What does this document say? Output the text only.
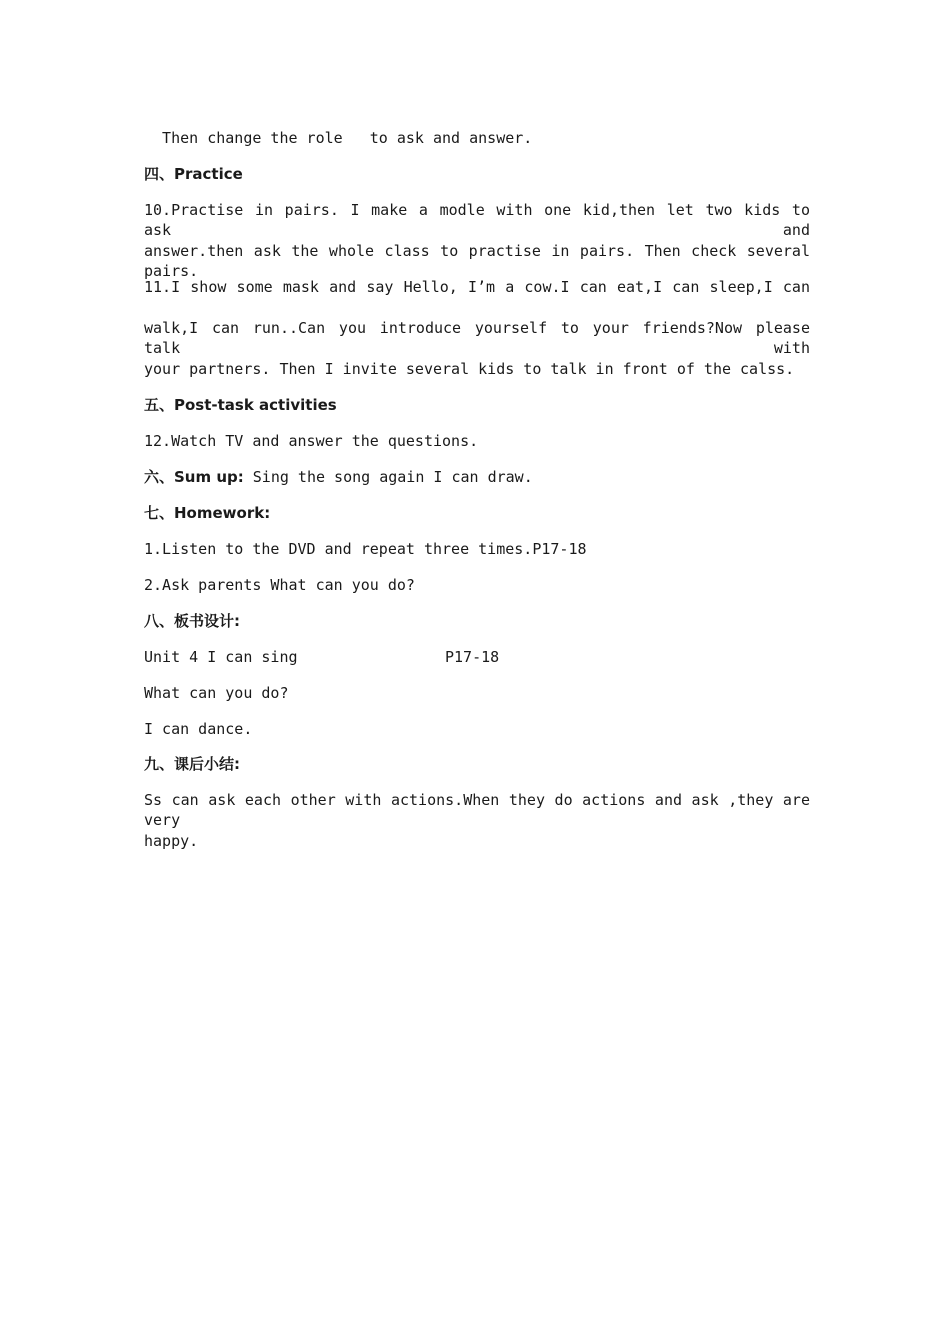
Then change the role   to ask and answer.
四、Practice
10.Practise in pairs. I make a modle with one kid,then let two kids to ask and
answer.then ask the whole class to practise in pairs. Then check several pairs.
11.I show some mask and say Hello, I’m a cow.I can eat,I can sleep,I can
walk,I can run..Can you introduce yourself to your friends?Now please talk with
your partners. Then I invite several kids to talk in front of the calss.
五、Post-task activities
12.Watch TV and answer the questions.
六、Sum up: Sing the song again I can draw.
七、Homework:
1.Listen to the DVD and repeat three times.P17-18
2.Ask parents What can you do?
八、板书设计:
Unit 4 I can sing	P17-18
What can you do?
I can dance.
九、课后小结:
Ss can ask each other with actions.When they do actions and ask ,they are very
happy.
